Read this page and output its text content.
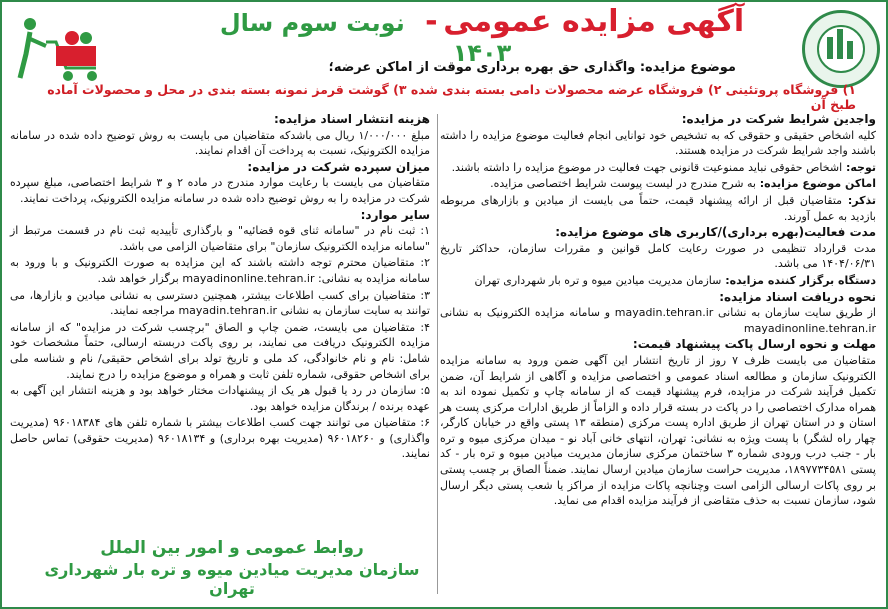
آگهی مزایده عمومی - نوبت سوم سال ۱۴۰۳
موضوع مزایده: واگذاری حق بهره برداری موقت از اماکن عرضه؛
۱) فروشگاه پروتئینی ۲) فروشگاه عرضه محصولات دامی بسته بندی شده ۳) گوشت قرمز نمونه بسته بندی در محل و محصولات آماده طبخ آن
واجدین شرایط شرکت در مزایده:
کلیه اشخاص حقیقی و حقوقی که به تشخیص خود توانایی انجام فعالیت موضوع مزایده را داشته باشند واجد شرایط شرکت در مزایده هستند.
توجه: اشخاص حقوقی نباید ممنوعیت قانونی جهت فعالیت در موضوع مزایده را داشته باشند.
اماکن موضوع مزایده: به شرح مندرج در لیست پیوست شرایط اختصاصی مزایده.
تذکر: متقاضیان قبل از ارائه پیشنهاد قیمت، حتماً می بایست از میادین و بازارهای مربوطه بازدید به عمل آورند.
مدت فعالیت(بهره برداری)/کاربری های موضوع مزایده:
مدت قرارداد تنظیمی در صورت رعایت کامل قوانین و مقررات سازمان، حداکثر تاریخ ۱۴۰۴/۰۶/۳۱ می باشد.
دستگاه برگزار کننده مزایده: سازمان مدیریت میادین میوه و تره بار شهرداری تهران
نحوه دریافت اسناد مزایده:
از طریق سایت سازمان به نشانی mayadin.tehran.ir و سامانه مزایده الکترونیک به نشانی mayadinonline.tehran.ir
مهلت و نحوه ارسال پاکت پیشنهاد قیمت:
متقاضیان می بایست ظرف ۷ روز از تاریخ انتشار این آگهی ضمن ورود به سامانه مزایده الکترونیک سازمان و مطالعه اسناد عمومی و اختصاصی مزایده و آگاهی از شرایط آن، ضمن تکمیل فرآیند شرکت در مزایده، فرم پیشنهاد قیمت که از سامانه چاپ و تکمیل نموده اند به همراه مدارک اختصاصی را در پاکت در بسته قرار داده و الزاماً از طریق ادارات مرکزی پست هر استان و در استان تهران از طریق اداره پست مرکزی (منطقه ۱۳ پستی واقع در خیابان کارگر، چهار راه لشگر) با پست ویژه به نشانی: تهران، انتهای خانی آباد نو - میدان مرکزی میوه و تره بار - جنب درب ورودی شماره ۳ ساختمان مرکزی سازمان مدیریت میادین میوه و تره بار - کد پستی ۱۸۹۷۷۳۴۵۸۱، مدیریت حراست سازمان میادین ارسال نمایند. ضمناً الصاق بر چسب پستی بر روی پاکات ارسالی الزامی است وچنانچه پاکات مزایده از مراکز یا شعب پستی دیگر ارسال شود، سازمان نسبت به حذف متقاضی از فرآیند مزایده اقدام می نماید.
هزینه انتشار اسناد مزایده:
مبلغ ۱/۰۰۰/۰۰۰ ریال می باشدکه متقاضیان می بایست به روش توضیح داده شده در سامانه مزایده الکترونیک، نسبت به پرداخت آن اقدام نمایند.
میزان سپرده شرکت در مزایده:
متقاضیان می بایست با رعایت موارد مندرج در ماده ۲ و ۳ شرایط اختصاصی، مبلغ سپرده شرکت در مزایده را به روش توضیح داده شده در سامانه مزایده الکترونیک، پرداخت نمایند.
سایر موارد:
۱: ثبت نام در "سامانه ثنای قوه قضائیه" و بارگذاری تأییدیه ثبت نام در قسمت مرتبط از "سامانه مزایده الکترونیک سازمان" برای متقاضیان الزامی می باشد.
۲: متقاضیان محترم توجه داشته باشند که این مزایده به صورت الکترونیک و با ورود به سامانه مزایده به نشانی: mayadinonline.tehran.ir برگزار خواهد شد.
۳: متقاضیان برای کسب اطلاعات بیشتر، همچنین دسترسی به نشانی میادین و بازارها، می توانند به سایت سازمان به نشانی mayadin.tehran.ir مراجعه نمایند.
۴: متقاضیان می بایست، ضمن چاپ و الصاق "برچسب شرکت در مزایده" که از سامانه مزایده الکترونیک دریافت می نمایند، بر روی پاکت دربسته ارسالی، حتماً مشخصات خود شامل: نام و نام خانوادگی، کد ملی و تاریخ تولد برای اشخاص حقیقی/ نام و شناسه ملی برای اشخاص حقوقی، شماره تلفن ثابت و همراه و موضوع مزایده را درج نمایند.
۵: سازمان در رد یا قبول هر یک از پیشنهادات مختار خواهد بود و هزینه انتشار این آگهی به عهده برنده / برندگان مزایده خواهد بود.
۶: متقاضیان می توانند جهت کسب اطلاعات بیشتر با شماره تلفن های ۹۶۰۱۸۳۸۴ (مدیریت واگذاری) و ۹۶۰۱۸۲۶۰ (مدیریت بهره برداری) و ۹۶۰۱۸۱۳۴ (مدیریت حقوقی) تماس حاصل نمایند.
روابط عمومی و امور بین الملل
سازمان مدیریت میادین میوه و تره بار شهرداری تهران
